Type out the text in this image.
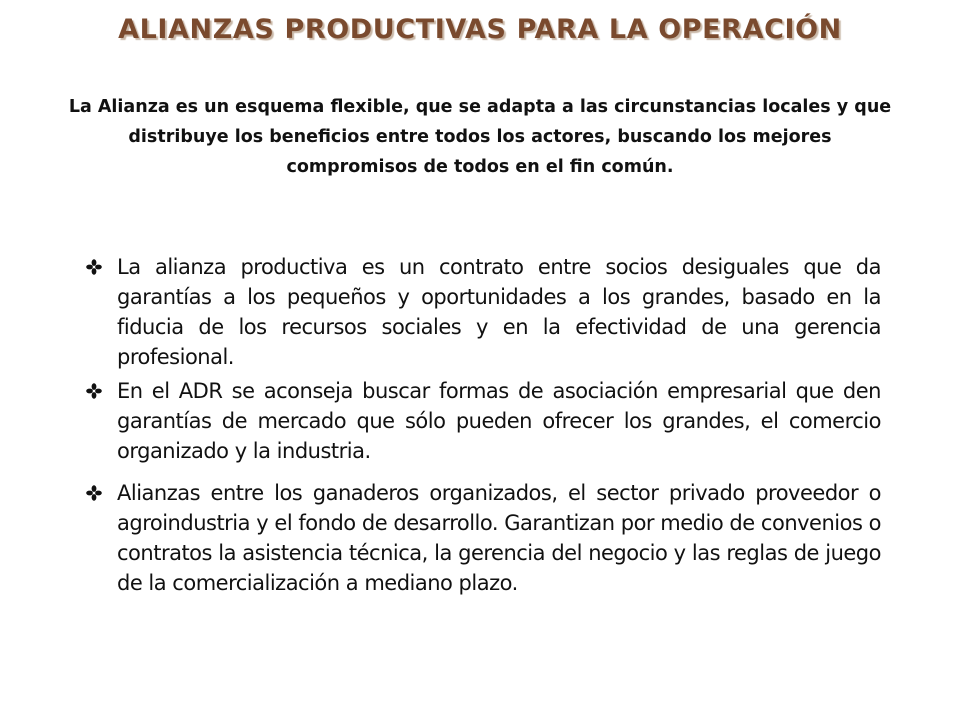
ALIANZAS PRODUCTIVAS PARA LA OPERACIÓN
La Alianza es un esquema flexible, que se adapta a las circunstancias locales y que distribuye los beneficios entre todos los actores, buscando los mejores compromisos de todos en el fin común.
La alianza productiva es un contrato entre socios desiguales que da garantías a los pequeños y oportunidades a los grandes, basado en la fiducia de los recursos sociales y en la efectividad de una gerencia profesional.
En el ADR se aconseja buscar formas de asociación empresarial que den garantías de mercado que sólo pueden ofrecer los grandes, el comercio organizado y la industria.
Alianzas entre los ganaderos organizados, el sector privado proveedor o agroindustria y el fondo de desarrollo. Garantizan por medio de convenios o contratos la asistencia técnica, la gerencia del negocio y las reglas de juego de la comercialización a mediano plazo.
